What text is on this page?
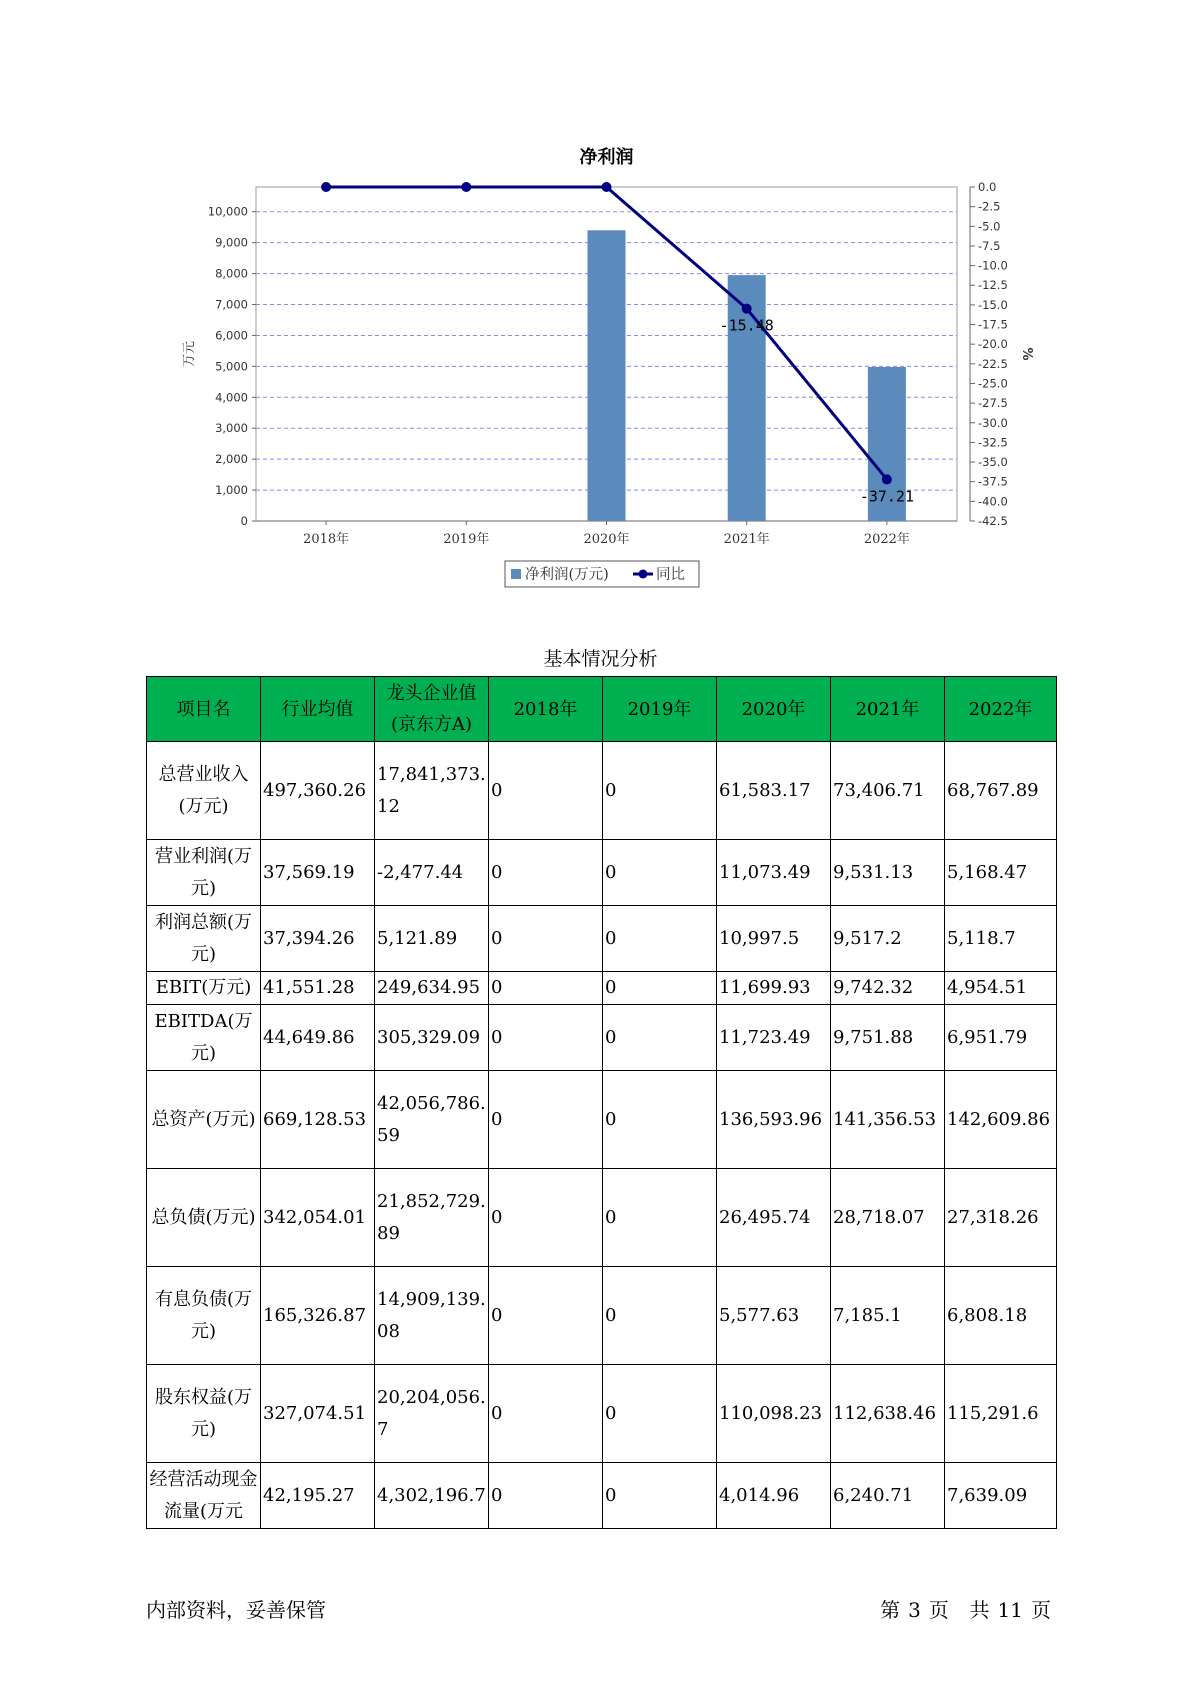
净利润
0
1,000
2,000
3,000
4,000
5,000
6,000
7,000
8,000
9,000
10,000
0.0
-2.5
-5.0
-7.5
-10.0
-12.5
-15.0
-17.5
-20.0
-22.5
-25.0
-27.5
-30.0
-32.5
-35.0
-37.5
-40.0
-42.5
万元	%
2018年	2019年	2020年	2021年	2022年
-15.48
-37.21
净利润(万元)	同比
基本情况分析
项目名	行业均值	龙头企业值(京东方A)	2018年	2019年	2020年	2021年	2022年
总营业收入(万元)	497,360.26	17,841,373.12	0	0	61,583.17	73,406.71	68,767.89
营业利润(万元)	37,569.19	-2,477.44	0	0	11,073.49	9,531.13	5,168.47
利润总额(万元)	37,394.26	5,121.89	0	0	10,997.5	9,517.2	5,118.7
EBIT(万元)	41,551.28	249,634.95	0	0	11,699.93	9,742.32	4,954.51
EBITDA(万元)	44,649.86	305,329.09	0	0	11,723.49	9,751.88	6,951.79
总资产(万元)	669,128.53	42,056,786.59	0	0	136,593.96	141,356.53	142,609.86
总负债(万元)	342,054.01	21,852,729.89	0	0	26,495.74	28,718.07	27,318.26
有息负债(万元)	165,326.87	14,909,139.08	0	0	5,577.63	7,185.1	6,808.18
股东权益(万元)	327,074.51	20,204,056.7	0	0	110,098.23	112,638.46	115,291.6
经营活动现金流量(万元	42,195.27	4,302,196.7	0	0	4,014.96	6,240.71	7,639.09
内部资料，妥善保管	第 3 页 共 11 页
